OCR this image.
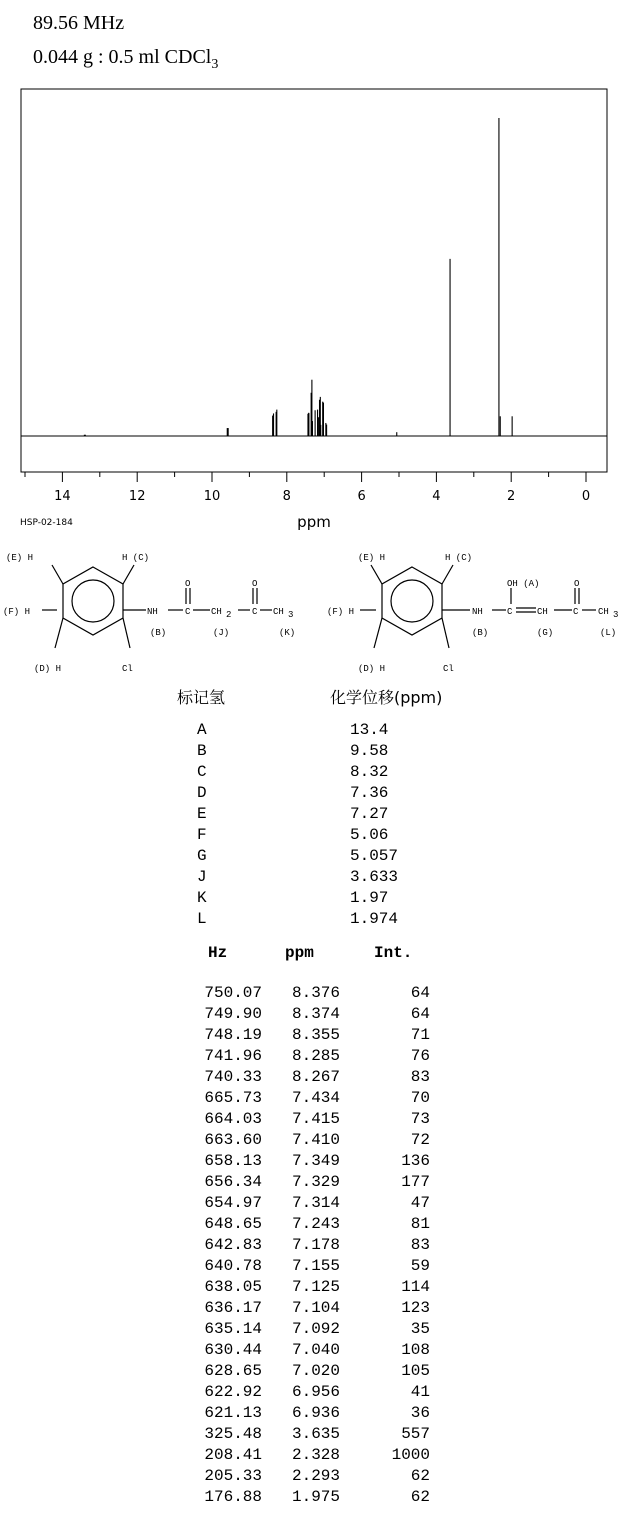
89.56 MHz
0.044 g : 0.5 ml CDCl$_3$
14	12	10	8	6	4	2	0
ppm
HSP-02-184
(E) H	H (C)
(F) H	NH
(B)
C
O
CH 2
(J)
C
O
CH 3
(K)
(D) H	Cl
(E) H	H (C)
(F) H	NH
(B)
C
OH (A)
CH
(G)
C
O
CH 3
(L)
(D) H	Cl
标记氢	化学位移(ppm)
A	13.4
B	9.58
C	8.32
D	7.36
E	7.27
F	5.06
G	5.057
J	3.633
K	1.97
L	1.974
Hz	ppm	Int.
750.07 8.376	64
749.90 8.374	64
748.19 8.355	71
741.96 8.285	76
740.33 8.267	83
665.73 7.434	70
664.03 7.415	73
663.60 7.410	72
658.13 7.349	136
656.34 7.329	177
654.97 7.314	47
648.65 7.243	81
642.83 7.178	83
640.78 7.155	59
638.05 7.125	114
636.17 7.104	123
635.14 7.092	35
630.44 7.040	108
628.65 7.020	105
622.92 6.956	41
621.13 6.936	36
325.48 3.635	557
208.41 2.328	1000
205.33 2.293	62
176.88 1.975	62
